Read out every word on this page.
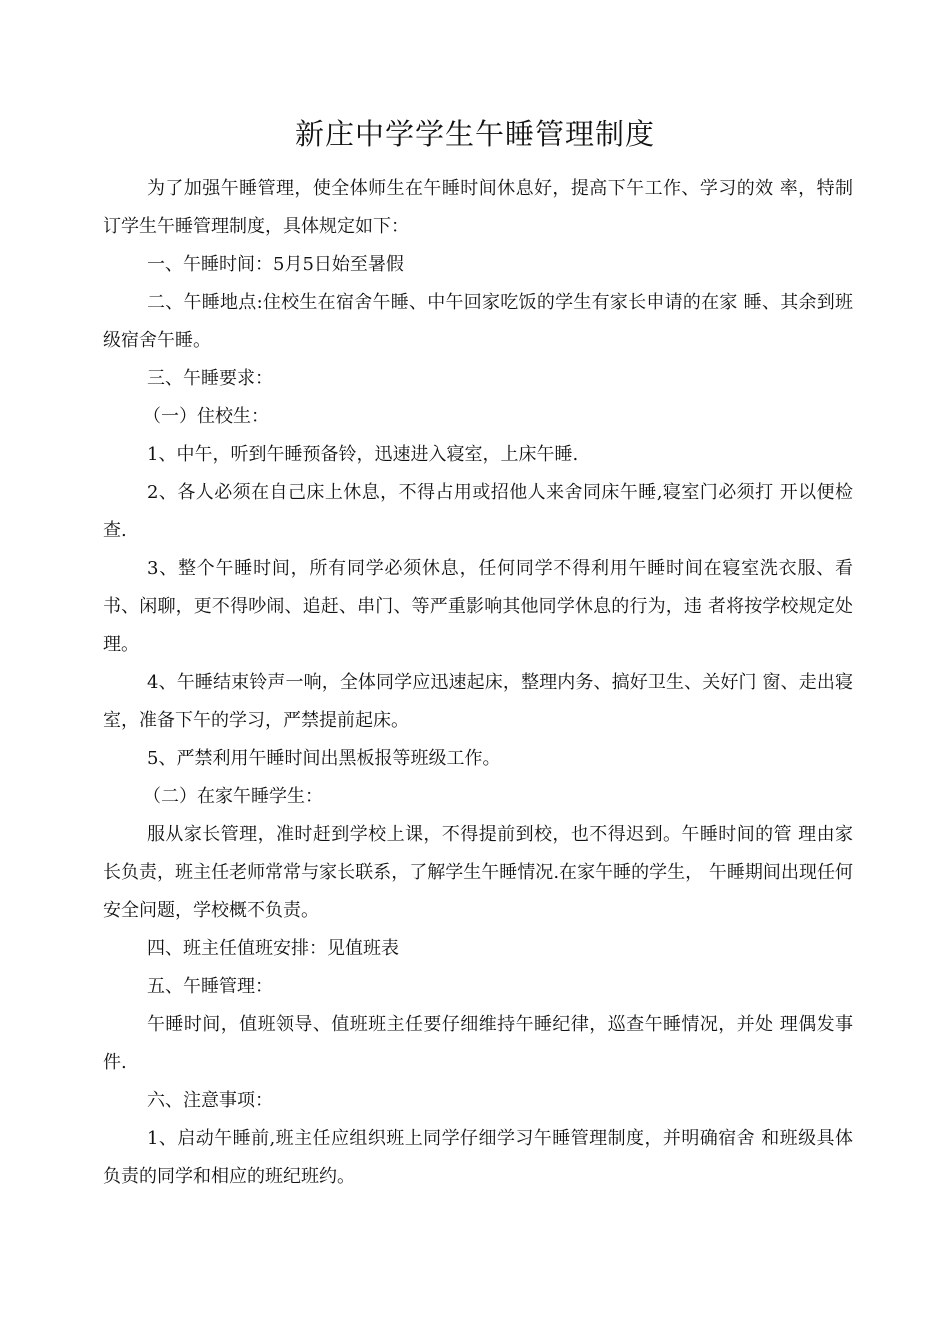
新庄中学学生午睡管理制度

为了加强午睡管理，使全体师生在午睡时间休息好，提高下午工作、学习的效 率，特制订学生午睡管理制度，具体规定如下：

一、午睡时间：5月5日始至暑假

二、午睡地点:住校生在宿舍午睡、中午回家吃饭的学生有家长申请的在家 睡、其余到班级宿舍午睡。

三、午睡要求：

（一）住校生：

1、中午，听到午睡预备铃，迅速进入寝室，上床午睡.

2、各人必须在自己床上休息，不得占用或招他人来舍同床午睡,寝室门必须打 开以便检查.

3、整个午睡时间，所有同学必须休息，任何同学不得利用午睡时间在寝室洗衣服、看书、闲聊，更不得吵闹、追赶、串门、等严重影响其他同学休息的行为，违 者将按学校规定处理。

4、午睡结束铃声一响，全体同学应迅速起床，整理内务、搞好卫生、关好门 窗、走出寝室，准备下午的学习，严禁提前起床。

5、严禁利用午睡时间出黑板报等班级工作。

（二）在家午睡学生：

服从家长管理，准时赶到学校上课，不得提前到校，也不得迟到。午睡时间的管 理由家长负责，班主任老师常常与家长联系，了解学生午睡情况.在家午睡的学生， 午睡期间出现任何安全问题，学校概不负责。

四、班主任值班安排：见值班表

五、午睡管理：

午睡时间，值班领导、值班班主任要仔细维持午睡纪律，巡查午睡情况，并处 理偶发事件.

六、注意事项：

1、启动午睡前,班主任应组织班上同学仔细学习午睡管理制度，并明确宿舍 和班级具体负责的同学和相应的班纪班约。
